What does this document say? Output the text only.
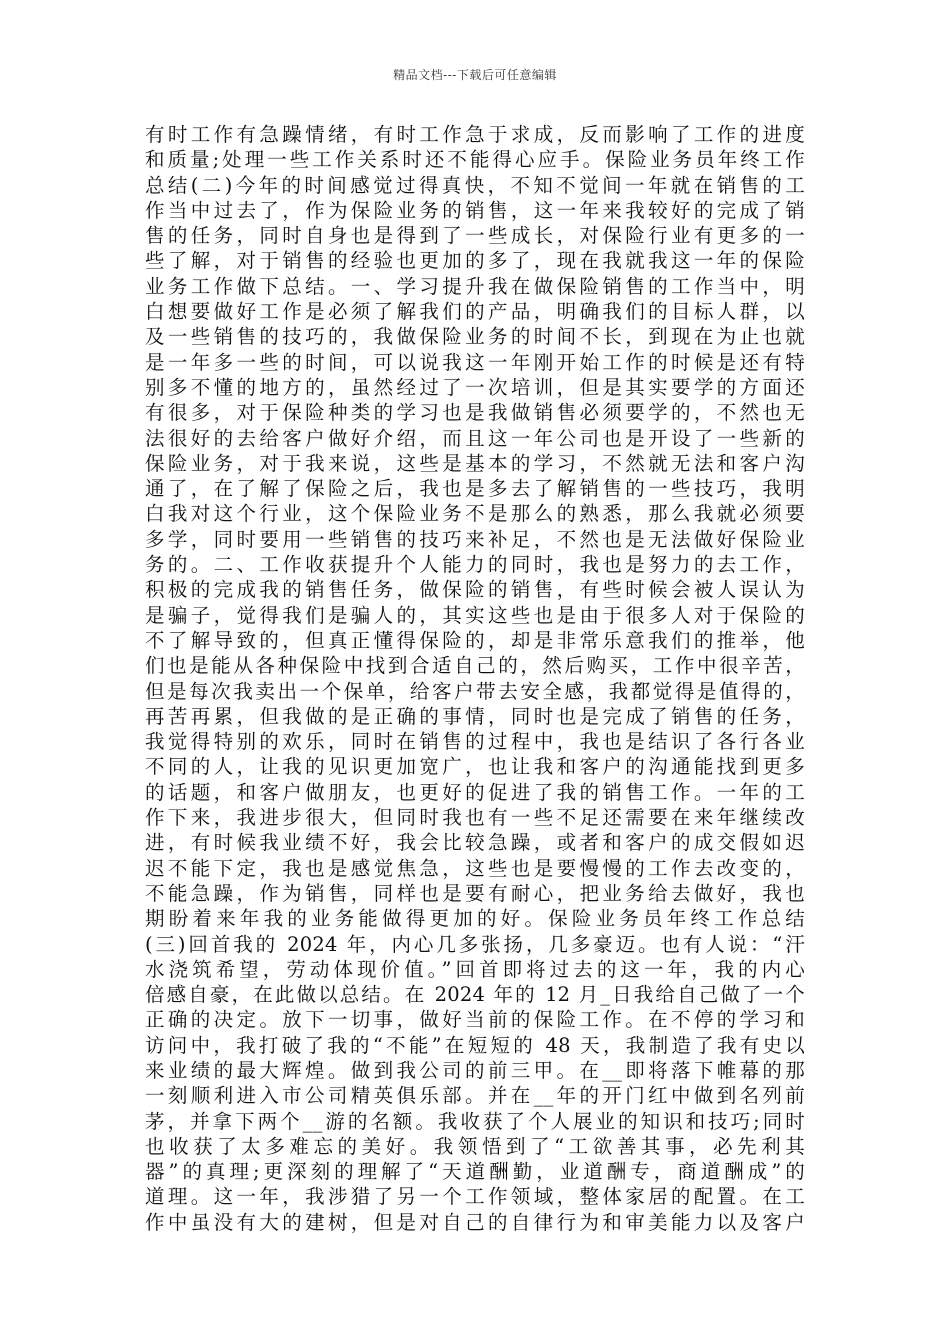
精品文档---下载后可任意编辑
有时工作有急躁情绪，有时工作急于求成，反而影响了工作的进度
和质量;处理一些工作关系时还不能得心应手。保险业务员年终工作
总结(二)今年的时间感觉过得真快，不知不觉间一年就在销售的工
作当中过去了，作为保险业务的销售，这一年来我较好的完成了销
售的任务，同时自身也是得到了一些成长，对保险行业有更多的一
些了解，对于销售的经验也更加的多了，现在我就我这一年的保险
业务工作做下总结。一、学习提升我在做保险销售的工作当中，明
白想要做好工作是必须了解我们的产品，明确我们的目标人群，以
及一些销售的技巧的，我做保险业务的时间不长，到现在为止也就
是一年多一些的时间，可以说我这一年刚开始工作的时候是还有特
别多不懂的地方的，虽然经过了一次培训，但是其实要学的方面还
有很多，对于保险种类的学习也是我做销售必须要学的，不然也无
法很好的去给客户做好介绍，而且这一年公司也是开设了一些新的
保险业务，对于我来说，这些是基本的学习，不然就无法和客户沟
通了，在了解了保险之后，我也是多去了解销售的一些技巧，我明
白我对这个行业，这个保险业务不是那么的熟悉，那么我就必须要
多学，同时要用一些销售的技巧来补足，不然也是无法做好保险业
务的。二、工作收获提升个人能力的同时，我也是努力的去工作，
积极的完成我的销售任务，做保险的销售，有些时候会被人误认为
是骗子，觉得我们是骗人的，其实这些也是由于很多人对于保险的
不了解导致的，但真正懂得保险的，却是非常乐意我们的推举，他
们也是能从各种保险中找到合适自己的，然后购买，工作中很辛苦，
但是每次我卖出一个保单，给客户带去安全感，我都觉得是值得的，
再苦再累，但我做的是正确的事情，同时也是完成了销售的任务，
我觉得特别的欢乐，同时在销售的过程中，我也是结识了各行各业
不同的人，让我的见识更加宽广，也让我和客户的沟通能找到更多
的话题，和客户做朋友，也更好的促进了我的销售工作。一年的工
作下来，我进步很大，但同时我也有一些不足还需要在来年继续改
进，有时候我业绩不好，我会比较急躁，或者和客户的成交假如迟
迟不能下定，我也是感觉焦急，这些也是要慢慢的工作去改变的，
不能急躁，作为销售，同样也是要有耐心，把业务给去做好，我也
期盼着来年我的业务能做得更加的好。保险业务员年终工作总结
(三)回首我的 2024 年，内心几多张扬，几多豪迈。也有人说：“汗
水浇筑希望，劳动体现价值。”回首即将过去的这一年，我的内心
倍感自豪，在此做以总结。在 2024 年的 12 月_日我给自己做了一个
正确的决定。放下一切事，做好当前的保险工作。在不停的学习和
访问中，我打破了我的“不能”在短短的 48 天，我制造了我有史以
来业绩的最大辉煌。做到我公司的前三甲。在__即将落下帷幕的那
一刻顺利进入市公司精英俱乐部。并在__年的开门红中做到名列前
茅，并拿下两个__游的名额。我收获了个人展业的知识和技巧;同时
也收获了太多难忘的美好。我领悟到了“工欲善其事，必先利其
器”的真理;更深刻的理解了“天道酬勤，业道酬专，商道酬成”的
道理。这一年，我涉猎了另一个工作领域，整体家居的配置。在工
作中虽没有大的建树，但是对自己的自律行为和审美能力以及客户
